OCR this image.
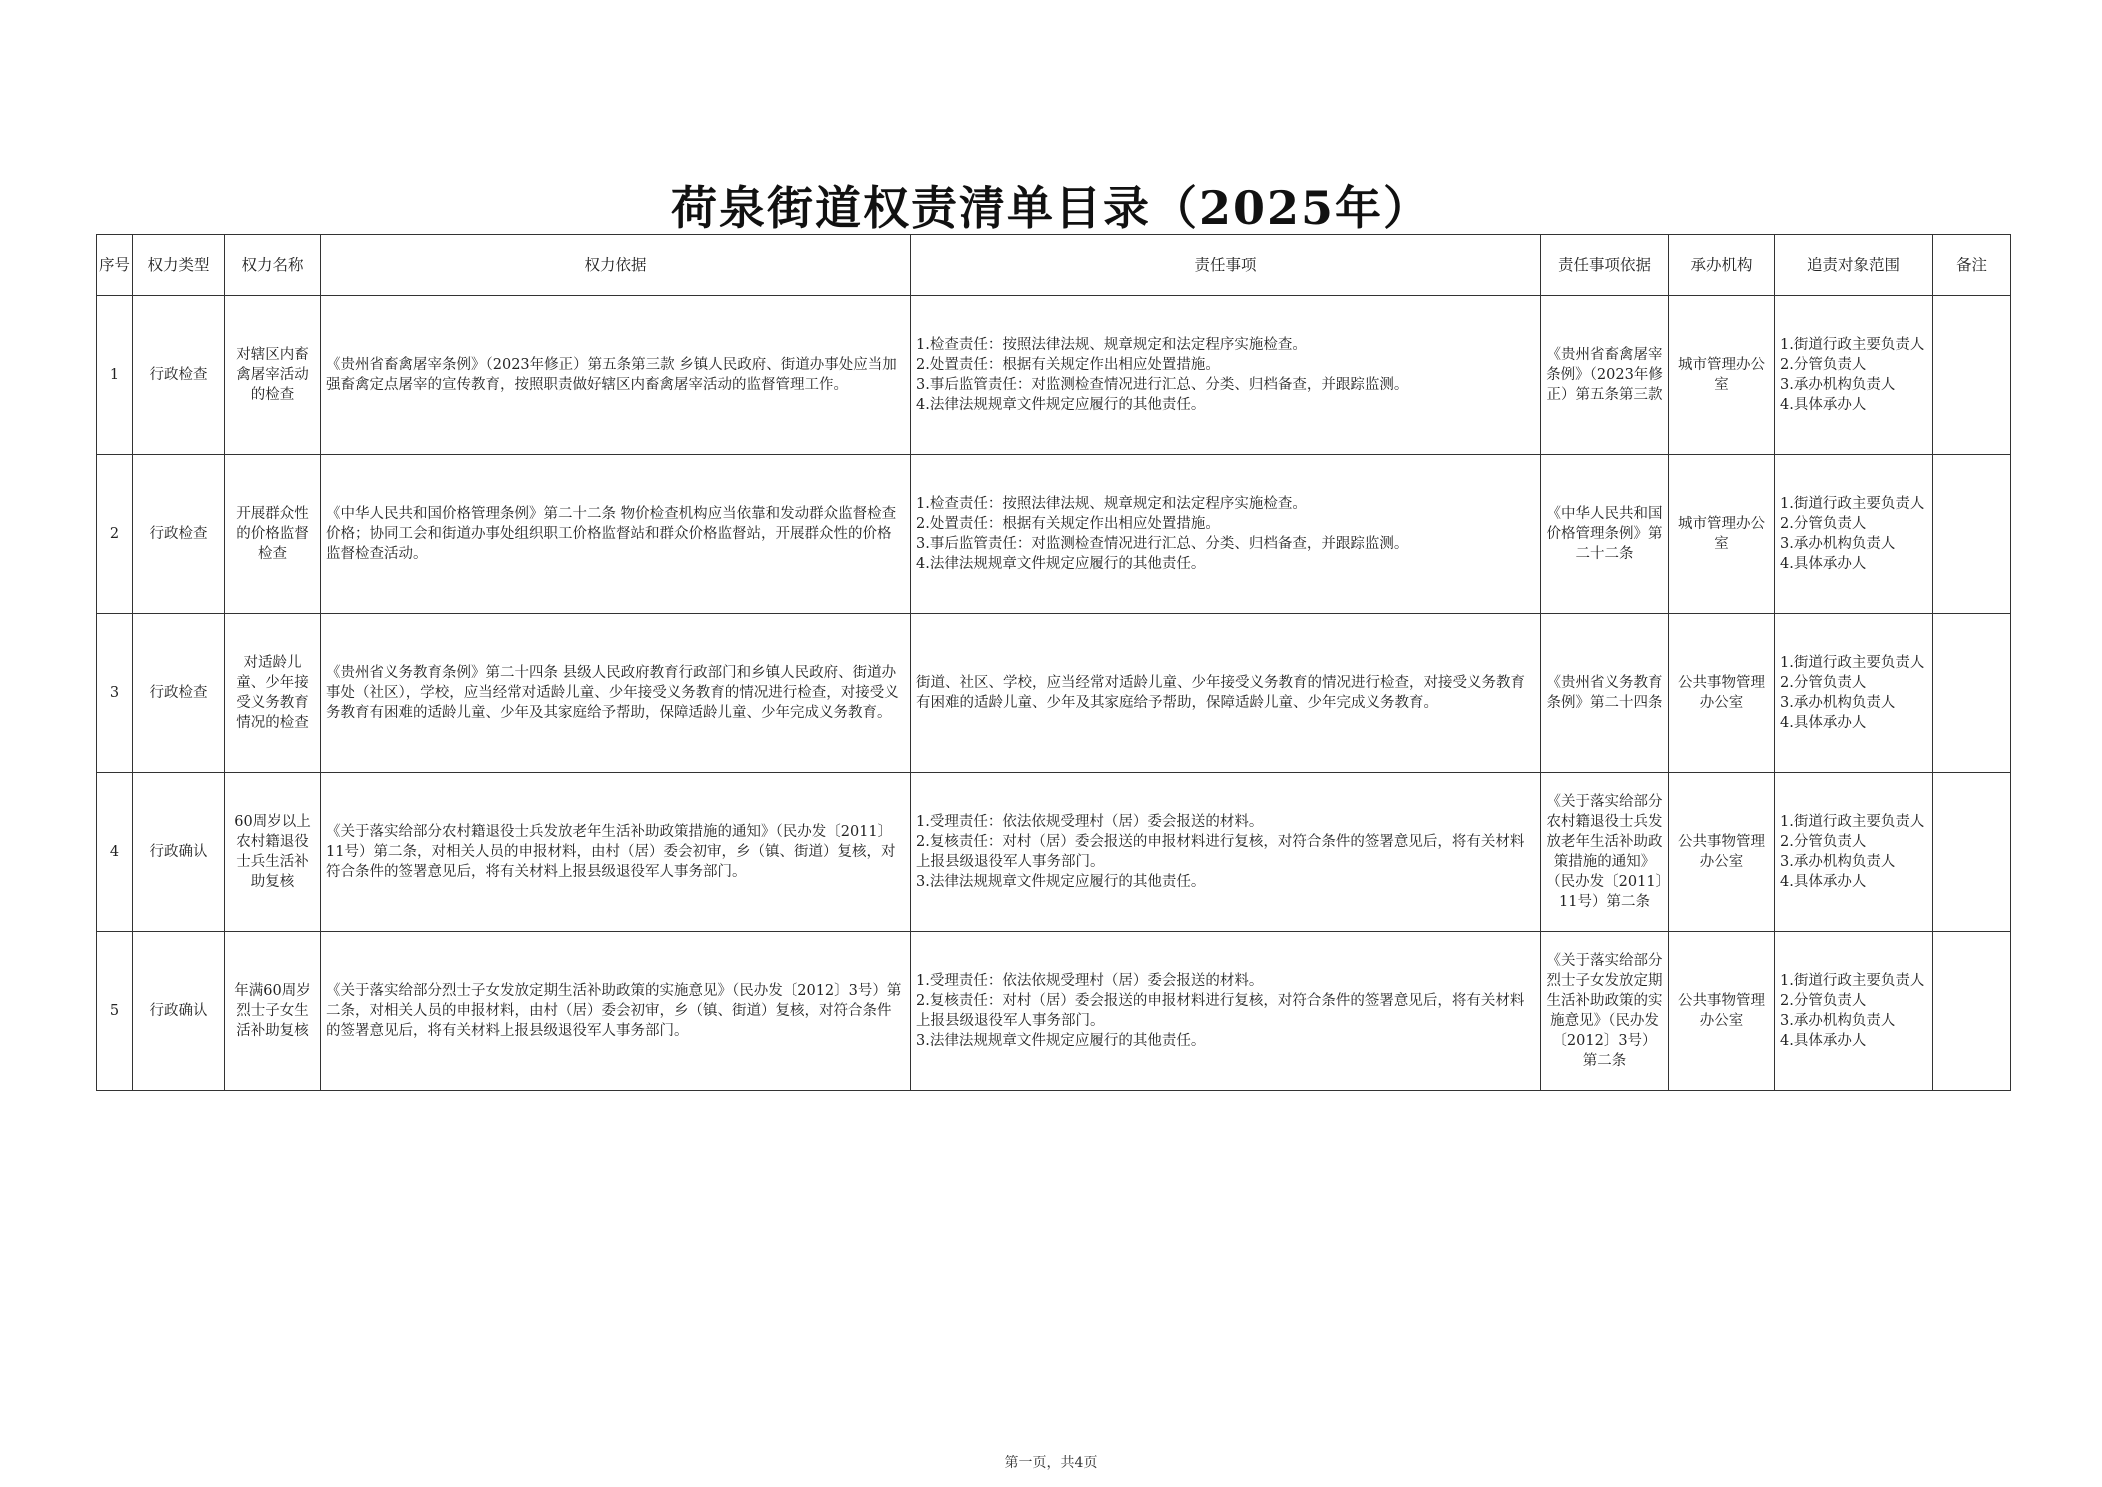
荷泉街道权责清单目录（2025年）
序号	权力类型	权力名称	权力依据	责任事项	责任事项依据	承办机构	追责对象范围	备注
1	行政检查	对辖区内畜禽屠宰活动的检查	《贵州省畜禽屠宰条例》（2023年修正）第五条第三款 乡镇人民政府、街道办事处应当加强畜禽定点屠宰的宣传教育，按照职责做好辖区内畜禽屠宰活动的监督管理工作。	1.检查责任：按照法律法规、规章规定和法定程序实施检查。
2.处置责任：根据有关规定作出相应处置措施。
3.事后监管责任：对监测检查情况进行汇总、分类、归档备查，并跟踪监测。
4.法律法规规章文件规定应履行的其他责任。	《贵州省畜禽屠宰条例》（2023年修正）第五条第三款	城市管理办公室	1.街道行政主要负责人
2.分管负责人
3.承办机构负责人
4.具体承办人	
2	行政检查	开展群众性的价格监督检查	《中华人民共和国价格管理条例》第二十二条 物价检查机构应当依靠和发动群众监督检查价格；协同工会和街道办事处组织职工价格监督站和群众价格监督站，开展群众性的价格监督检查活动。	1.检查责任：按照法律法规、规章规定和法定程序实施检查。
2.处置责任：根据有关规定作出相应处置措施。
3.事后监管责任：对监测检查情况进行汇总、分类、归档备查，并跟踪监测。
4.法律法规规章文件规定应履行的其他责任。	《中华人民共和国价格管理条例》第二十二条	城市管理办公室	1.街道行政主要负责人
2.分管负责人
3.承办机构负责人
4.具体承办人	
3	行政检查	对适龄儿童、少年接受义务教育情况的检查	《贵州省义务教育条例》第二十四条 县级人民政府教育行政部门和乡镇人民政府、街道办事处（社区），学校，应当经常对适龄儿童、少年接受义务教育的情况进行检查，对接受义务教育有困难的适龄儿童、少年及其家庭给予帮助，保障适龄儿童、少年完成义务教育。	街道、社区、学校，应当经常对适龄儿童、少年接受义务教育的情况进行检查，对接受义务教育有困难的适龄儿童、少年及其家庭给予帮助，保障适龄儿童、少年完成义务教育。	《贵州省义务教育条例》第二十四条	公共事物管理办公室	1.街道行政主要负责人
2.分管负责人
3.承办机构负责人
4.具体承办人	
4	行政确认	60周岁以上农村籍退役士兵生活补助复核	《关于落实给部分农村籍退役士兵发放老年生活补助政策措施的通知》（民办发〔2011〕11号）第二条，对相关人员的申报材料，由村（居）委会初审，乡（镇、街道）复核，对符合条件的签署意见后，将有关材料上报县级退役军人事务部门。	1.受理责任：依法依规受理村（居）委会报送的材料。
2.复核责任：对村（居）委会报送的申报材料进行复核，对符合条件的签署意见后，将有关材料上报县级退役军人事务部门。
3.法律法规规章文件规定应履行的其他责任。	《关于落实给部分农村籍退役士兵发放老年生活补助政策措施的通知》（民办发〔2011〕11号）第二条	公共事物管理办公室	1.街道行政主要负责人
2.分管负责人
3.承办机构负责人
4.具体承办人	
5	行政确认	年满60周岁烈士子女生活补助复核	《关于落实给部分烈士子女发放定期生活补助政策的实施意见》（民办发〔2012〕3号）第二条，对相关人员的申报材料，由村（居）委会初审，乡（镇、街道）复核，对符合条件的签署意见后，将有关材料上报县级退役军人事务部门。	1.受理责任：依法依规受理村（居）委会报送的材料。
2.复核责任：对村（居）委会报送的申报材料进行复核，对符合条件的签署意见后，将有关材料上报县级退役军人事务部门。
3.法律法规规章文件规定应履行的其他责任。	《关于落实给部分烈士子女发放定期生活补助政策的实施意见》（民办发〔2012〕3号）第二条	公共事物管理办公室	1.街道行政主要负责人
2.分管负责人
3.承办机构负责人
4.具体承办人	
第一页，共4页
